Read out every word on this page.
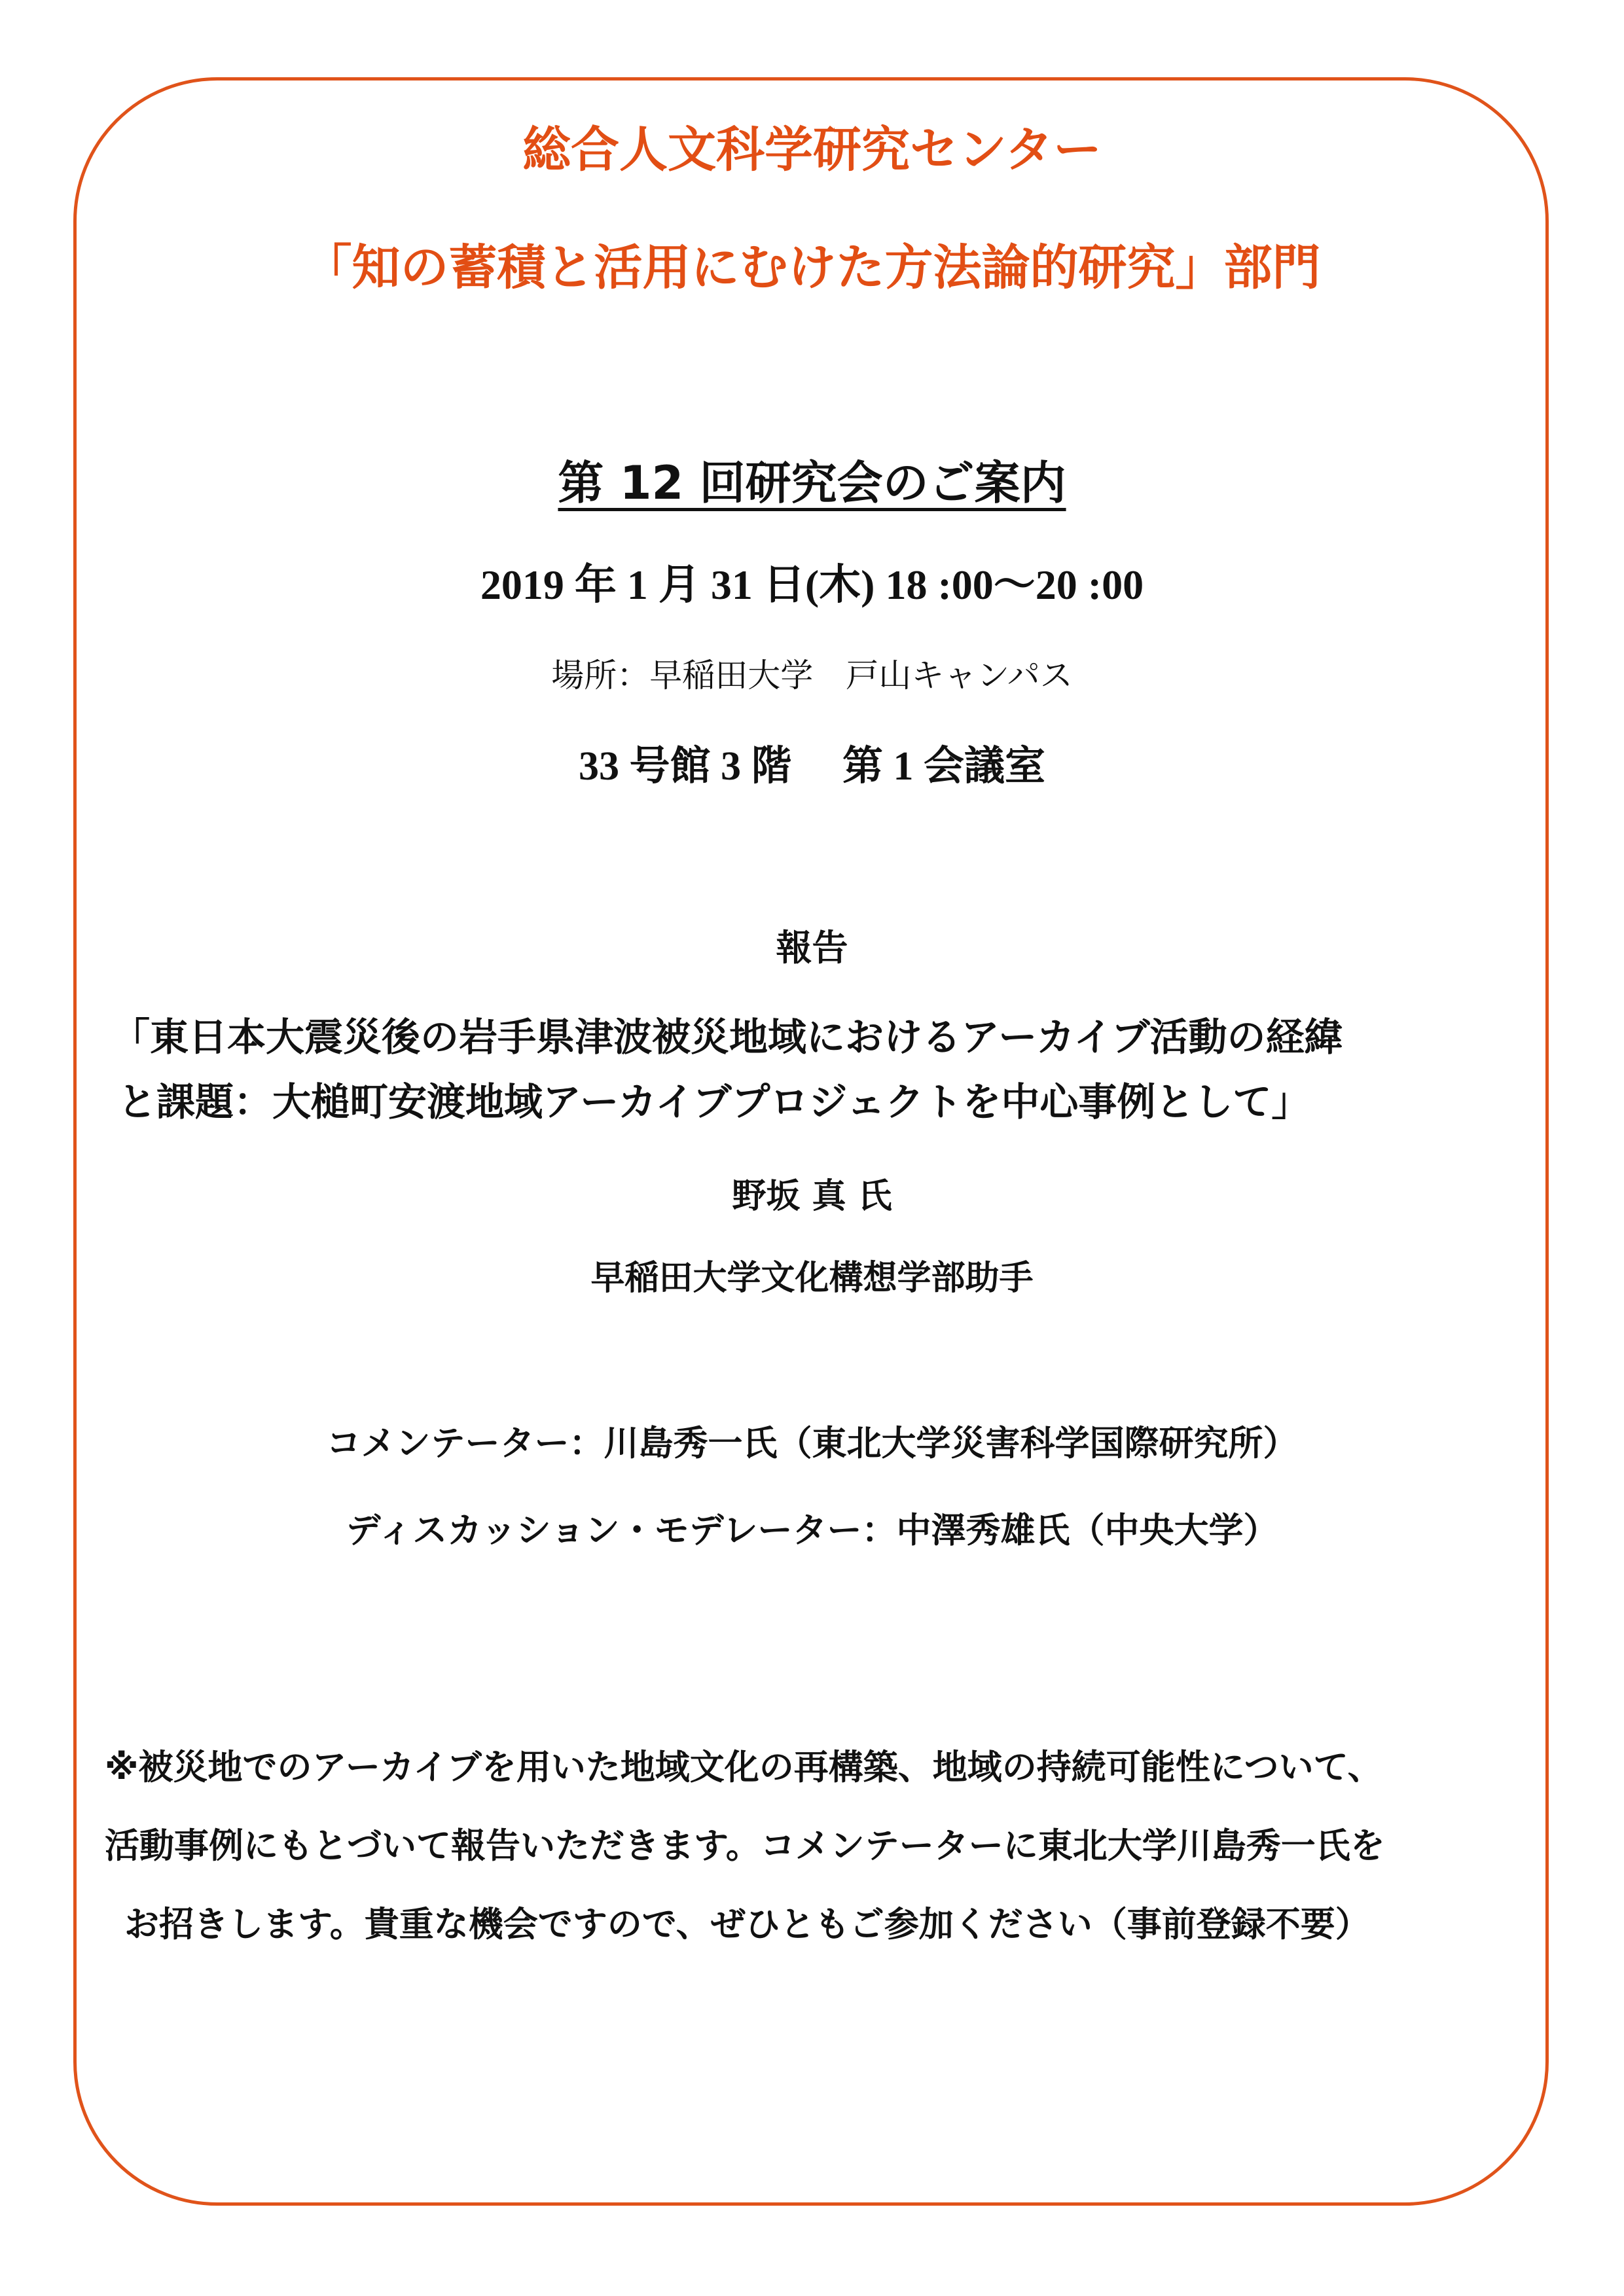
総合人文科学研究センター
「知の蓄積と活用にむけた方法論的研究」部門
第 12 回研究会のご案内
2019 年 1 月 31 日(木) 18 :00〜20 :00
場所：早稲田大学　戸山キャンパス
33 号館 3 階　 第 1 会議室
報告
「東日本大震災後の岩手県津波被災地域におけるアーカイブ活動の経緯
と課題：大槌町安渡地域アーカイブプロジェクトを中心事例として」
野坂 真 氏
早稲田大学文化構想学部助手
コメンテーター：川島秀一氏（東北大学災害科学国際研究所）
ディスカッション・モデレーター：中澤秀雄氏（中央大学）
※被災地でのアーカイブを用いた地域文化の再構築、地域の持続可能性について、
活動事例にもとづいて報告いただきます。コメンテーターに東北大学川島秀一氏を
お招きします。貴重な機会ですので、ぜひともご参加ください（事前登録不要）
